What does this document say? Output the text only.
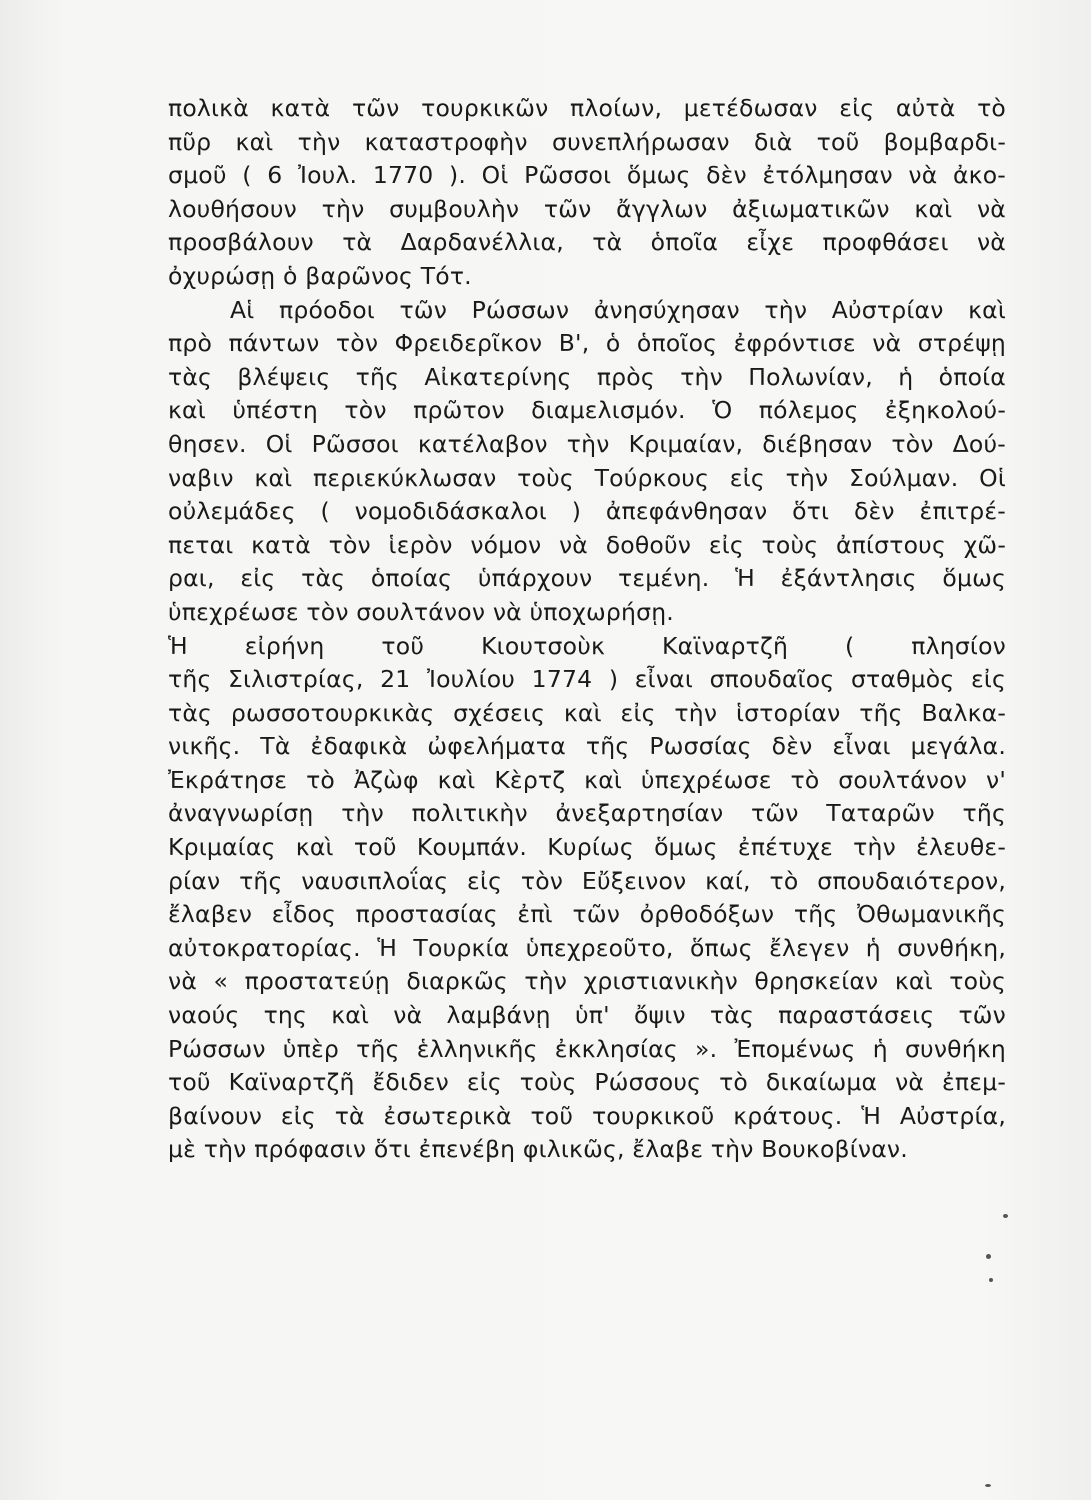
πολικὰ κατὰ τῶν τουρκικῶν πλοίων, μετέδωσαν εἰς αὐτὰ τὸ
πῦρ καὶ τὴν καταστροφὴν συνεπλήρωσαν διὰ τοῦ βομβαρδι-
σμοῦ ( 6 Ἰουλ. 1770 ). Οἱ Ρῶσσοι ὅμως δὲν ἐτόλμησαν νὰ ἀκο-
λουθήσουν τὴν συμβουλὴν τῶν ἄγγλων ἀξιωματικῶν καὶ νὰ
προσβάλουν τὰ Δαρδανέλλια, τὰ ὁποῖα εἶχε προφθάσει νὰ
ὀχυρώσῃ ὁ βαρῶνος Τότ.
Αἱ πρόοδοι τῶν Ρώσσων ἀνησύχησαν τὴν Αὐστρίαν καὶ
πρὸ πάντων τὸν Φρειδερῖκον Β', ὁ ὁποῖος ἐφρόντισε νὰ στρέψῃ
τὰς βλέψεις τῆς Αἰκατερίνης πρὸς τὴν Πολωνίαν, ἡ ὁποία
καὶ ὑπέστη τὸν πρῶτον διαμελισμόν. Ὁ πόλεμος ἐξηκολού-
θησεν. Οἱ Ρῶσσοι κατέλαβον τὴν Κριμαίαν, διέβησαν τὸν Δού-
ναβιν καὶ περιεκύκλωσαν τοὺς Τούρκους εἰς τὴν Σούλμαν. Οἱ
οὐλεμάδες ( νομοδιδάσκαλοι ) ἀπεφάνθησαν ὅτι δὲν ἐπιτρέ-
πεται κατὰ τὸν ἱερὸν νόμον νὰ δοθοῦν εἰς τοὺς ἀπίστους χῶ-
ραι, εἰς τὰς ὁποίας ὑπάρχουν τεμένη. Ἡ ἐξάντλησις ὅμως
ὑπεχρέωσε τὸν σουλτάνον νὰ ὑποχωρήσῃ.
Ἡ εἰρήνη τοῦ Κιουτσοὺκ Καϊναρτζῆ ( πλησίον
τῆς Σιλιστρίας, 21 Ἰουλίου 1774 ) εἶναι σπουδαῖος σταθμὸς εἰς
τὰς ρωσσοτουρκικὰς σχέσεις καὶ εἰς τὴν ἱστορίαν τῆς Βαλκα-
νικῆς. Τὰ ἐδαφικὰ ὠφελήματα τῆς Ρωσσίας δὲν εἶναι μεγάλα.
Ἐκράτησε τὸ Ἀζὼφ καὶ Κὲρτζ καὶ ὑπεχρέωσε τὸ σουλτάνον ν'
ἀναγνωρίσῃ τὴν πολιτικὴν ἀνεξαρτησίαν τῶν Ταταρῶν τῆς
Κριμαίας καὶ τοῦ Κουμπάν. Κυρίως ὅμως ἐπέτυχε τὴν ἐλευθε-
ρίαν τῆς ναυσιπλοΐας εἰς τὸν Εὔξεινον καί, τὸ σπουδαιότερον,
ἔλαβεν εἶδος προστασίας ἐπὶ τῶν ὀρθοδόξων τῆς Ὀθωμανικῆς
αὐτοκρατορίας. Ἡ Τουρκία ὑπεχρεοῦτο, ὅπως ἔλεγεν ἡ συνθήκη,
νὰ « προστατεύῃ διαρκῶς τὴν χριστιανικὴν θρησκείαν καὶ τοὺς
ναούς της καὶ νὰ λαμβάνῃ ὑπ' ὄψιν τὰς παραστάσεις τῶν
Ρώσσων ὑπὲρ τῆς ἑλληνικῆς ἐκκλησίας ». Ἐπομένως ἡ συνθήκη
τοῦ Καϊναρτζῆ ἔδιδεν εἰς τοὺς Ρώσσους τὸ δικαίωμα νὰ ἐπεμ-
βαίνουν εἰς τὰ ἐσωτερικὰ τοῦ τουρκικοῦ κράτους. Ἡ Αὐστρία,
μὲ τὴν πρόφασιν ὅτι ἐπενέβη φιλικῶς, ἔλαβε τὴν Βουκοβίναν.
